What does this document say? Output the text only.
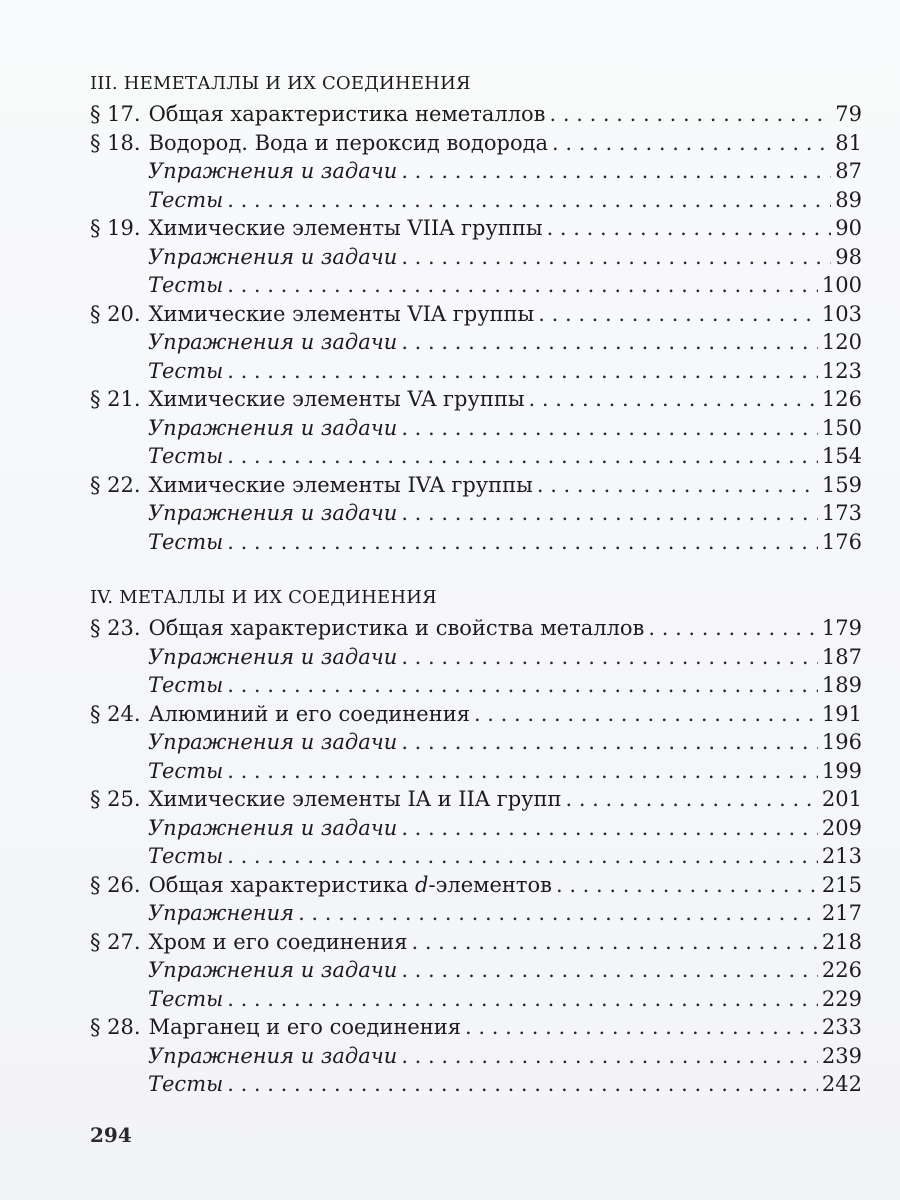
III. НЕМЕТАЛЛЫ И ИХ СОЕДИНЕНИЯ
§ 17. Общая характеристика неметаллов . . .	79
§ 18. Водород. Вода и пероксид водорода . . .	81
Упражнения и задачи . . .	87
Тесты . . .	89
§ 19. Химические элементы VIIA группы . . .	90
Упражнения и задачи . . .	98
Тесты . . .	100
§ 20. Химические элементы VIA группы . . .	103
Упражнения и задачи . . .	120
Тесты . . .	123
§ 21. Химические элементы VA группы . . .	126
Упражнения и задачи . . .	150
Тесты . . .	154
§ 22. Химические элементы IVA группы . . .	159
Упражнения и задачи . . .	173
Тесты . . .	176
IV. МЕТАЛЛЫ И ИХ СОЕДИНЕНИЯ
§ 23. Общая характеристика и свойства металлов . . .	179
Упражнения и задачи . . .	187
Тесты . . .	189
§ 24. Алюминий и его соединения . . .	191
Упражнения и задачи . . .	196
Тесты . . .	199
§ 25. Химические элементы IA и IIA групп . . .	201
Упражнения и задачи . . .	209
Тесты . . .	213
§ 26. Общая характеристика d-элементов . . .	215
Упражнения . . .	217
§ 27. Хром и его соединения . . .	218
Упражнения и задачи . . .	226
Тесты . . .	229
§ 28. Марганец и его соединения . . .	233
Упражнения и задачи . . .	239
Тесты . . .	242
294
